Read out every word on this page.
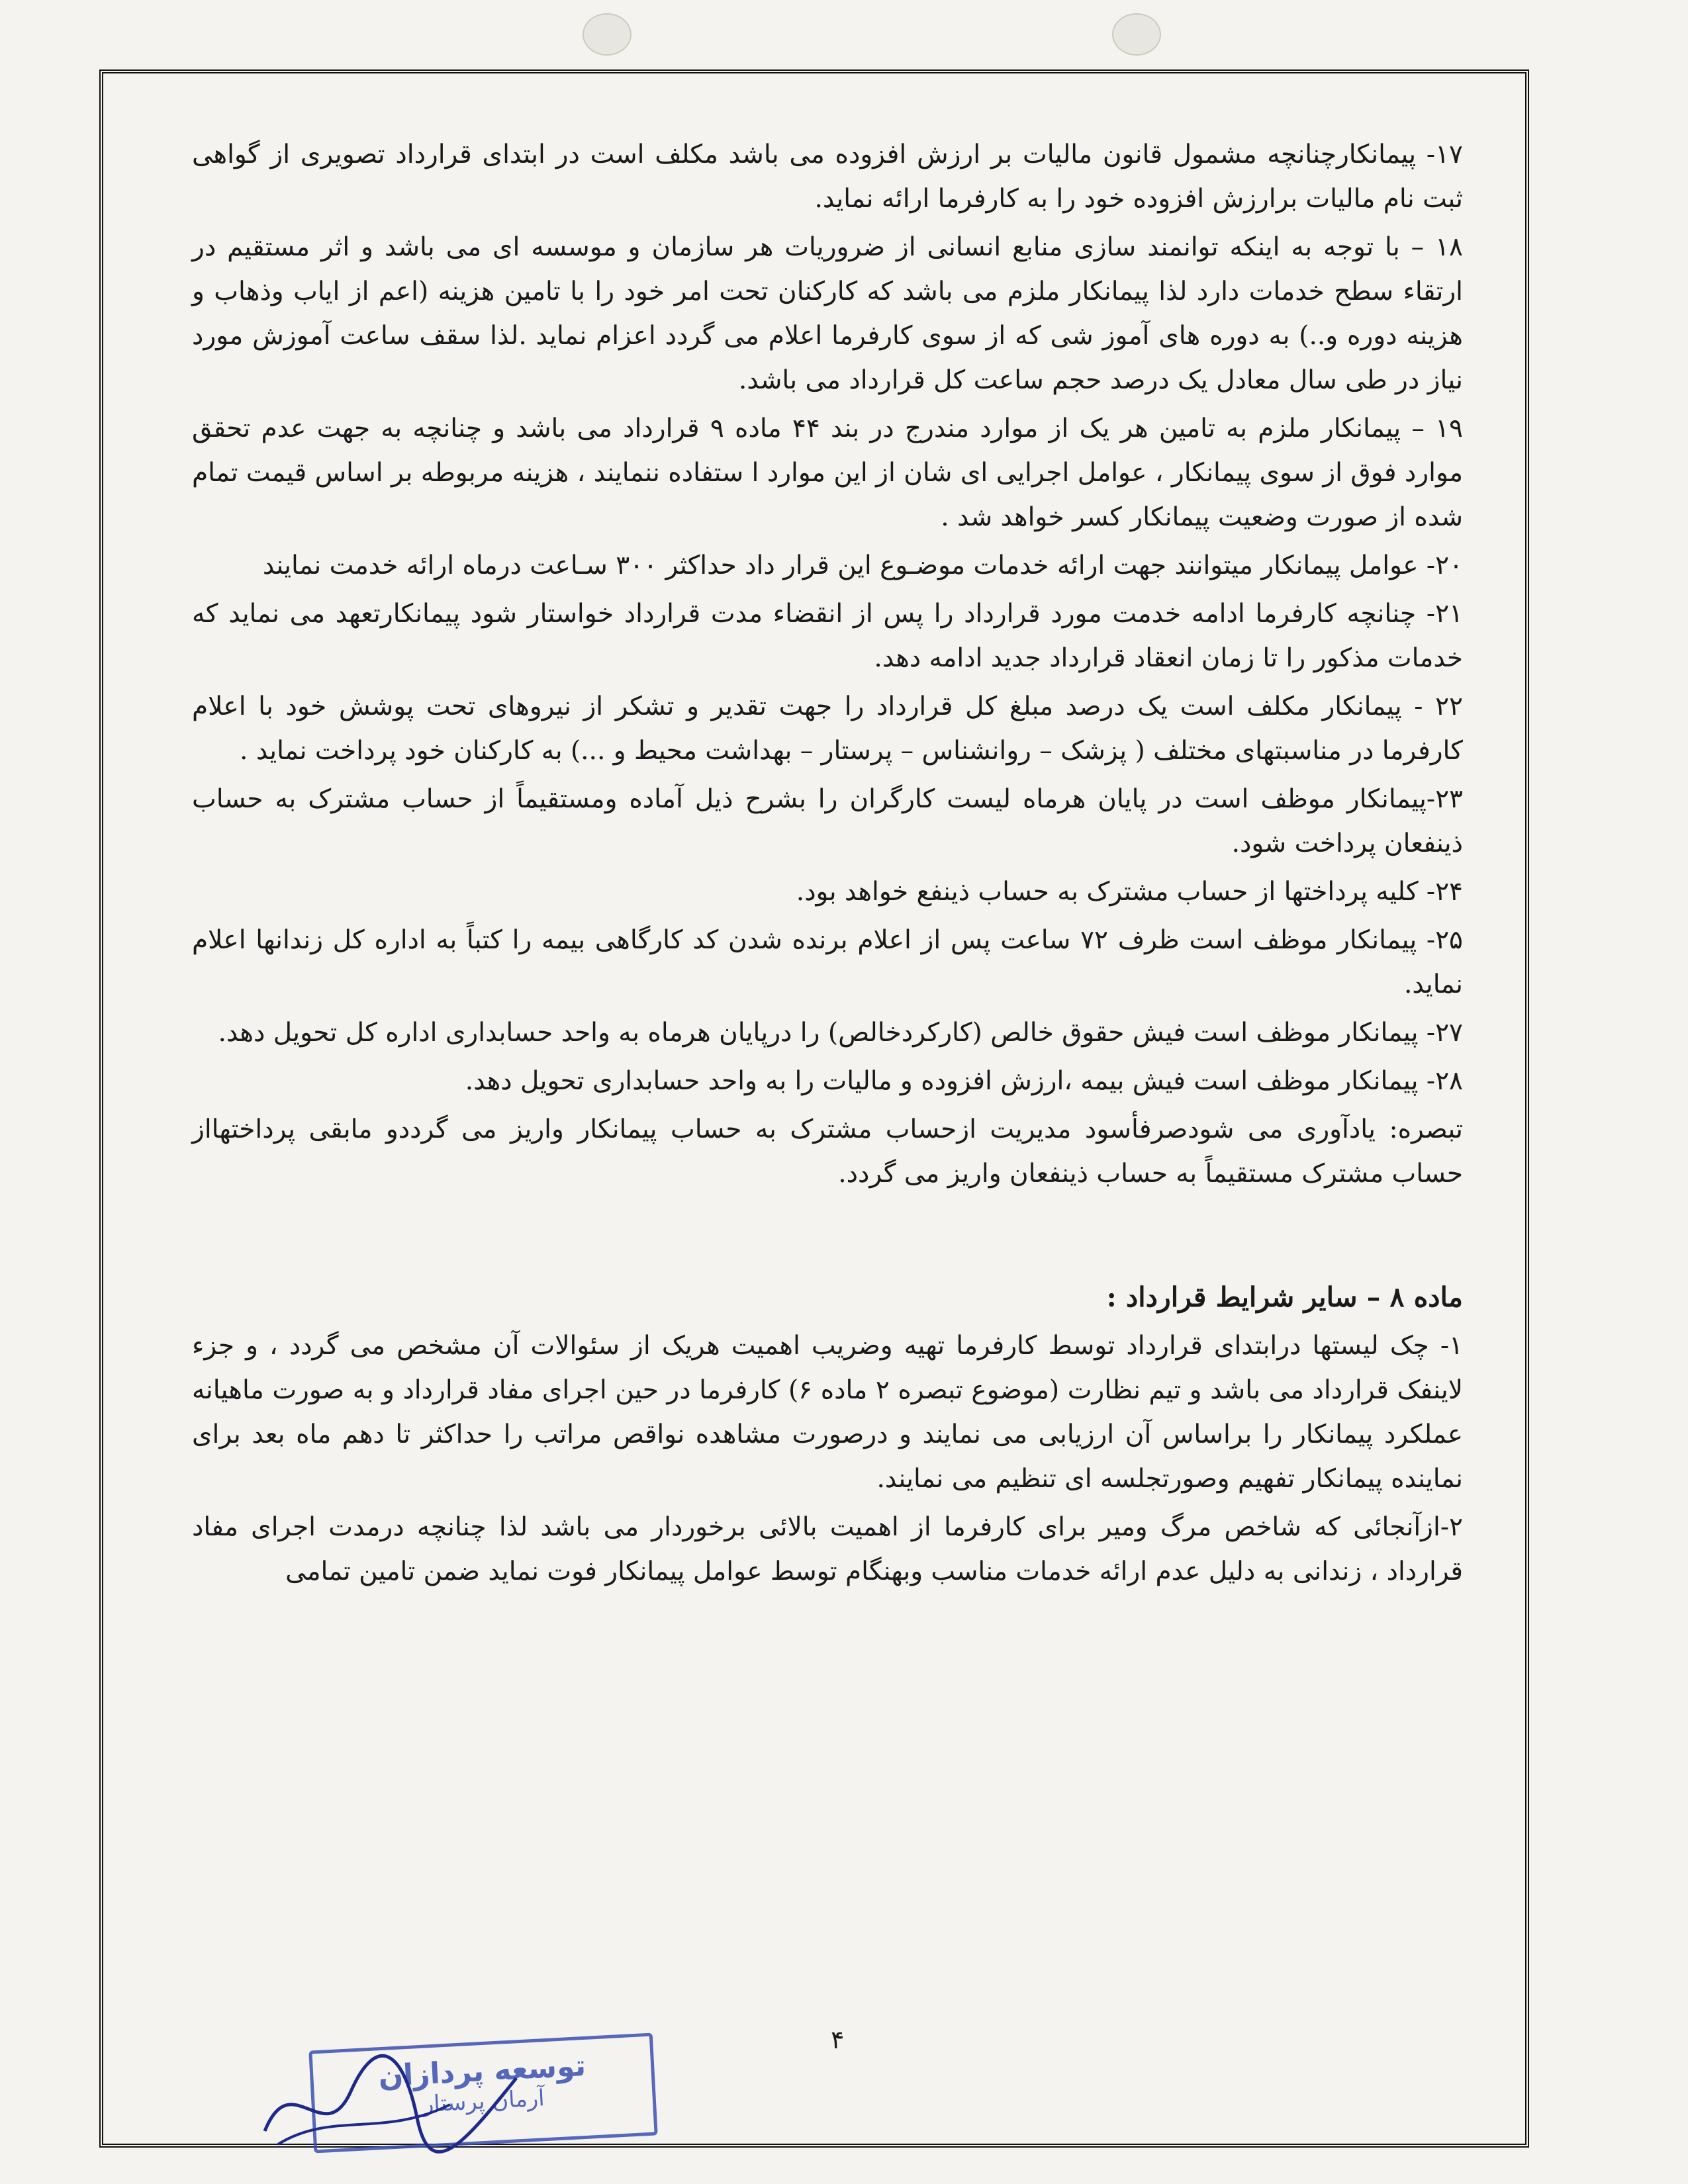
۱۷- پیمانکارچنانچه مشمول قانون مالیات بر ارزش افزوده می باشد مکلف است در ابتدای قرارداد تصویری از گواهی ثبت نام مالیات برارزش افزوده خود را به کارفرما ارائه نماید.

۱۸ – با توجه به اینکه توانمند سازی منابع انسانی از ضروریات هر سازمان و موسسه ای می باشد و اثر مستقیم در ارتقاء سطح خدمات دارد لذا پیمانکار ملزم می باشد که کارکنان تحت امر خود را با تامین هزینه (اعم از ایاب وذهاب و هزینه دوره و..) به دوره های آموز شی که از سوی کارفرما اعلام می گردد اعزام نماید .لذا سقف ساعت آموزش مورد نیاز در طی سال معادل یک درصد حجم ساعت کل قرارداد می باشد.

۱۹ – پیمانکار ملزم به تامین هر یک از موارد مندرج در بند ۴۴ ماده ۹ قرارداد می باشد و چنانچه به جهت عدم تحقق موارد فوق از سوی پیمانکار ، عوامل اجرایی ای شان از این موارد ا ستفاده ننمایند ، هزینه مربوطه بر اساس قیمت تمام شده از صورت وضعیت پیمانکار کسر خواهد شد .

۲۰- عوامل پیمانکار میتوانند جهت ارائه خدمات موضـوع این قرار داد حداکثر ۳۰۰ سـاعت درماه ارائه خدمت نمایند

۲۱- چنانچه کارفرما ادامه خدمت مورد قرارداد را پس از انقضاء مدت قرارداد خواستار شود پیمانکارتعهد می نماید که خدمات مذکور را تا زمان انعقاد قرارداد جدید ادامه دهد.

۲۲ - پیمانکار مکلف است یک درصد مبلغ کل قرارداد را جهت تقدیر و تشکر از نیروهای تحت پوشش خود با اعلام کارفرما در مناسبتهای مختلف ( پزشک – روانشناس – پرستار – بهداشت محیط و ...) به کارکنان خود پرداخت نماید .

۲۳-پیمانکار موظف است در پایان هرماه لیست کارگران را بشرح ذیل آماده ومستقیماً از حساب مشترک به حساب ذینفعان پرداخت شود.

۲۴- کلیه پرداختها از حساب مشترک به حساب ذینفع خواهد بود.

۲۵- پیمانکار موظف است ظرف ۷۲ ساعت پس از اعلام برنده شدن کد کارگاهی بیمه را کتباً به اداره کل زندانها اعلام نماید.

۲۷- پیمانکار موظف است فیش حقوق خالص (کارکردخالص) را درپایان هرماه به واحد حسابداری اداره کل تحویل دهد.

۲۸- پیمانکار موظف است فیش بیمه ،ارزش افزوده و مالیات را به واحد حسابداری تحویل دهد.

تبصره: یادآوری می شودصرفأسود مدیریت ازحساب مشترک به حساب پیمانکار واریز می گرددو مابقی پرداختهااز حساب مشترک مستقیماً به حساب ذینفعان واریز می گردد.

ماده ۸ – سایر شرایط قرارداد :

۱- چک لیستها درابتدای قرارداد توسط کارفرما تهیه وضریب اهمیت هریک از سئوالات آن مشخص می گردد ، و جزء لاینفک قرارداد می باشد و تیم نظارت (موضوع تبصره ۲ ماده ۶) کارفرما در حین اجرای مفاد قرارداد و به صورت ماهیانه عملکرد پیمانکار را براساس آن ارزیابی می نمایند و درصورت مشاهده نواقص مراتب را حداکثر تا دهم ماه بعد برای نماینده پیمانکار تفهیم وصورتجلسه ای تنظیم می نمایند.

۲-ازآنجائی که شاخص مرگ ومیر برای کارفرما از اهمیت بالائی برخوردار می باشد لذا چنانچه درمدت اجرای مفاد قرارداد ، زندانی به دلیل عدم ارائه خدمات مناسب وبهنگام توسط عوامل پیمانکار فوت نماید ضمن تامین تمامی

۴
توسعه پردازان
آرمان پرستار
